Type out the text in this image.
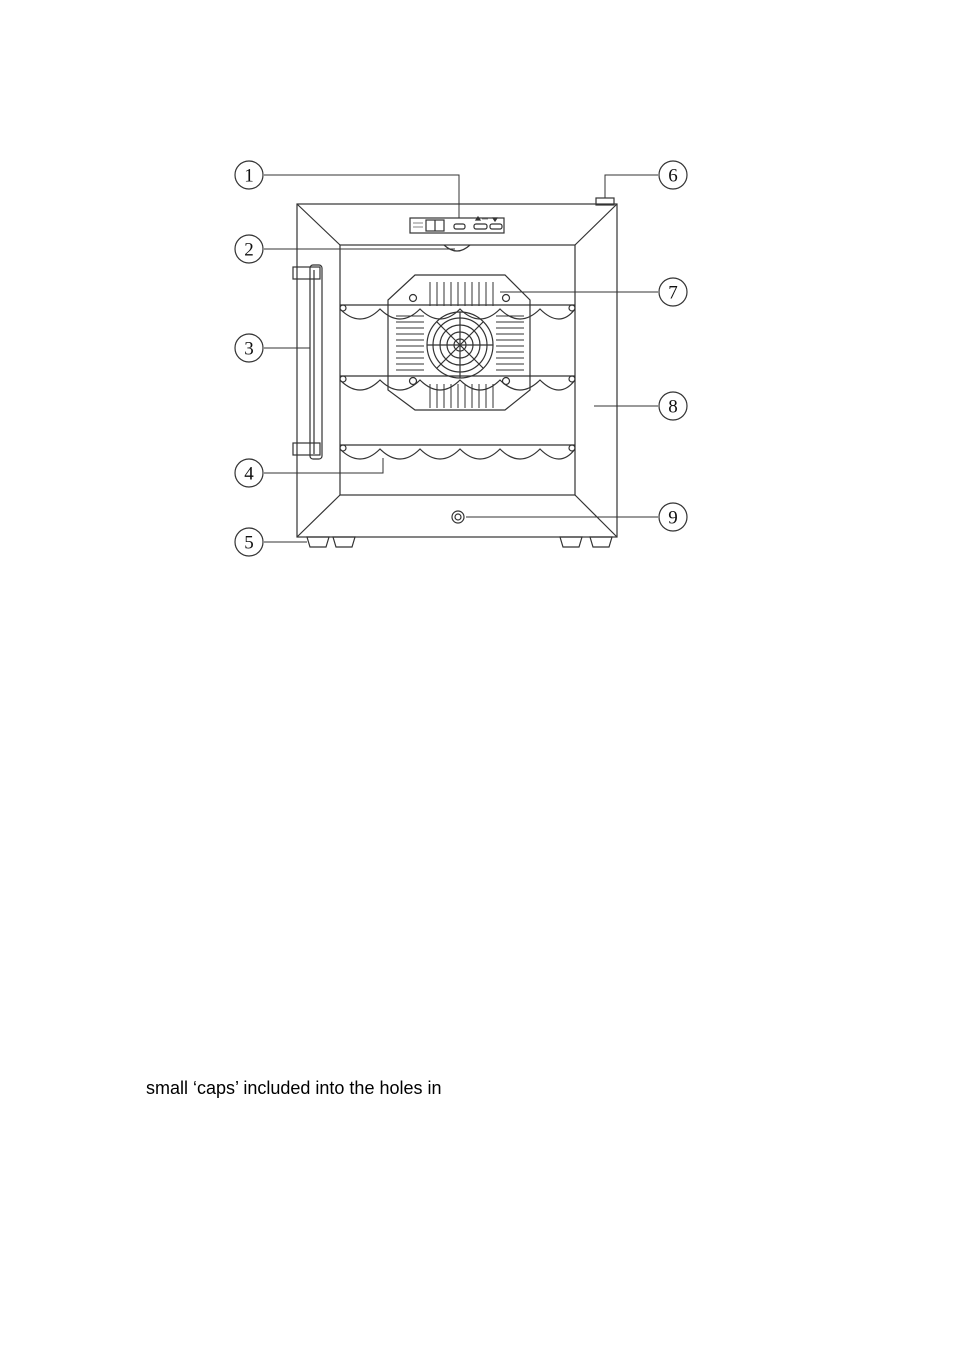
1
2
3
4
5
6
7
8
9
small ‘caps’ included into the holes in
